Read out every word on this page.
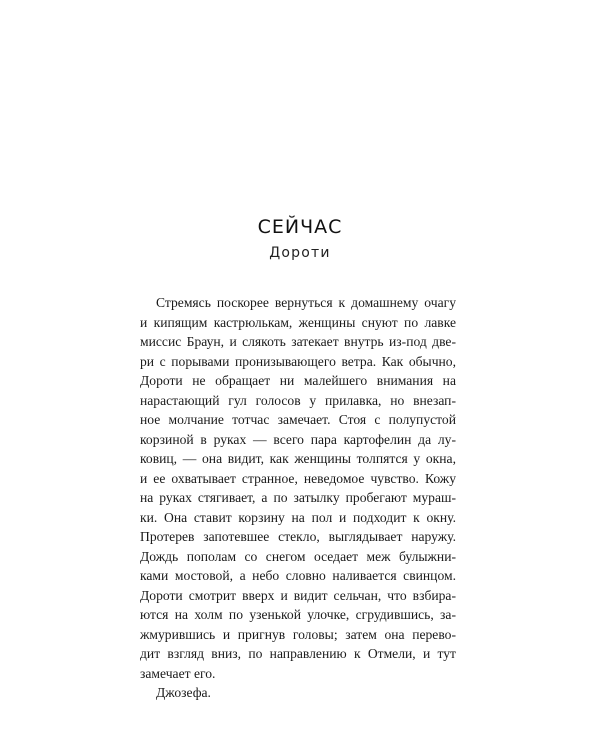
СЕЙЧАС
Дороти
Стремясь поскорее вернуться к домашнему очагу
и кипящим кастрюлькам, женщины снуют по лавке
миссис Браун, и слякоть затекает внутрь из-под две-
ри с порывами пронизывающего ветра. Как обычно,
Дороти не обращает ни малейшего внимания на
нарастающий гул голосов у прилавка, но внезап-
ное молчание тотчас замечает. Стоя с полупустой
корзиной в руках — всего пара картофелин да лу-
ковиц, — она видит, как женщины толпятся у окна,
и ее охватывает странное, неведомое чувство. Кожу
на руках стягивает, а по затылку пробегают мураш-
ки. Она ставит корзину на пол и подходит к окну.
Протерев запотевшее стекло, выглядывает наружу.
Дождь пополам со снегом оседает меж булыжни-
ками мостовой, а небо словно наливается свинцом.
Дороти смотрит вверх и видит сельчан, что взбира-
ются на холм по узенькой улочке, сгрудившись, за-
жмурившись и пригнув головы; затем она перево-
дит взгляд вниз, по направлению к Отмели, и тут
замечает его.
Джозефа.
